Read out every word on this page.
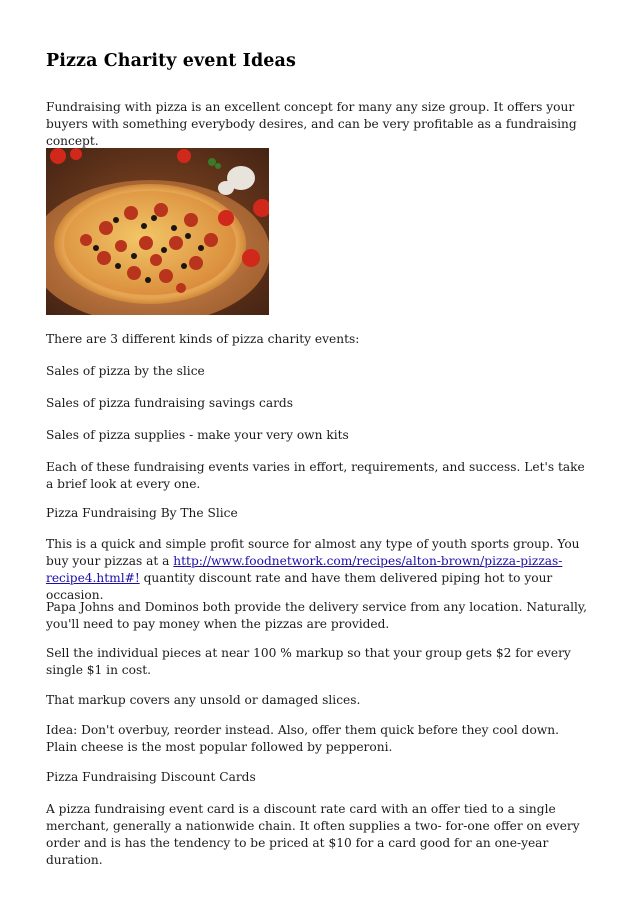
Pizza Charity event Ideas

Fundraising with pizza is an excellent concept for many any size group. It offers your buyers with something everybody desires, and can be very profitable as a fundraising concept.

There are 3 different kinds of pizza charity events:

Sales of pizza by the slice

Sales of pizza fundraising savings cards

Sales of pizza supplies - make your very own kits

Each of these fundraising events varies in effort, requirements, and success. Let's take a brief look at every one.

Pizza Fundraising By The Slice

This is a quick and simple profit source for almost any type of youth sports group. You buy your pizzas at a http://www.foodnetwork.com/recipes/alton-brown/pizza-pizzas-recipe4.html#! quantity discount rate and have them delivered piping hot to your occasion.

Papa Johns and Dominos both provide the delivery service from any location. Naturally, you'll need to pay money when the pizzas are provided.

Sell the individual pieces at near 100 % markup so that your group gets $2 for every single $1 in cost.

That markup covers any unsold or damaged slices.

Idea: Don't overbuy, reorder instead. Also, offer them quick before they cool down. Plain cheese is the most popular followed by pepperoni.

Pizza Fundraising Discount Cards

A pizza fundraising event card is a discount rate card with an offer tied to a single merchant, generally a nationwide chain. It often supplies a two- for-one offer on every order and is has the tendency to be priced at $10 for a card good for an one-year duration.
